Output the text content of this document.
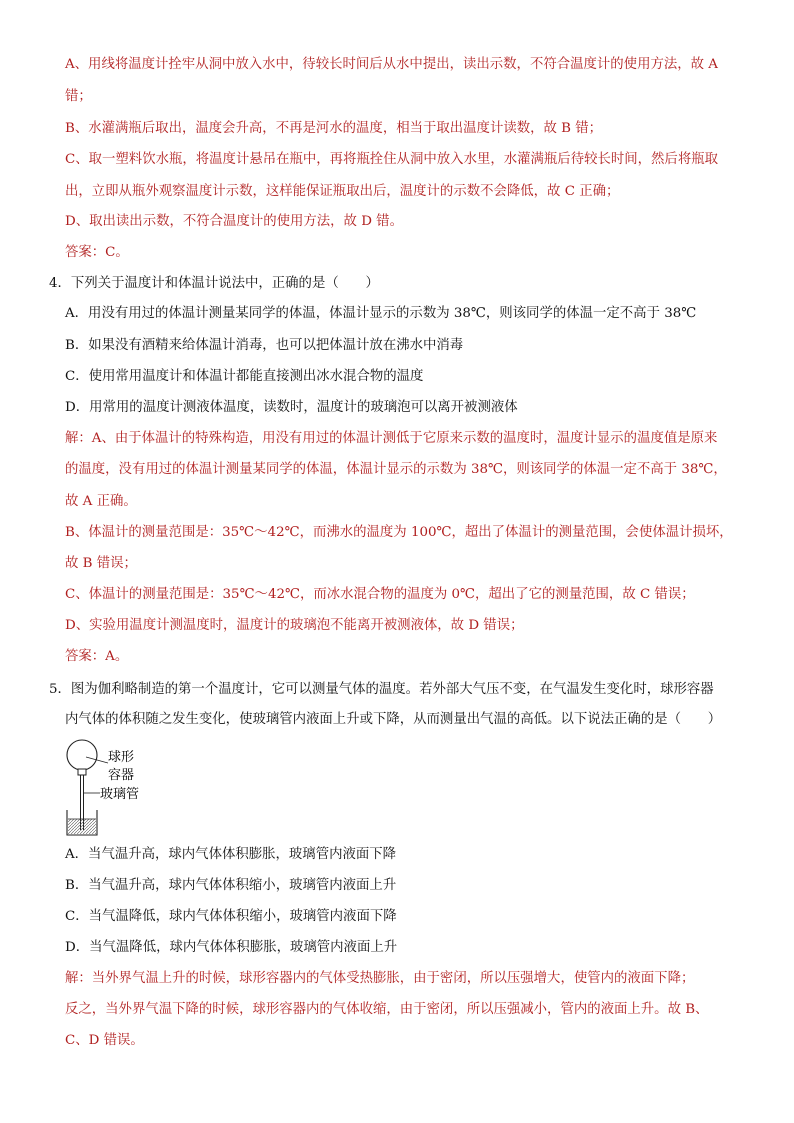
A、用线将温度计拴牢从洞中放入水中，待较长时间后从水中提出，读出示数，不符合温度计的使用方法，故 A
错；
B、水灌满瓶后取出，温度会升高，不再是河水的温度，相当于取出温度计读数，故 B 错；
C、取一塑料饮水瓶，将温度计悬吊在瓶中，再将瓶拴住从洞中放入水里，水灌满瓶后待较长时间，然后将瓶取
出，立即从瓶外观察温度计示数，这样能保证瓶取出后，温度计的示数不会降低，故 C 正确；
D、取出读出示数，不符合温度计的使用方法，故 D 错。
答案：C。
4．下列关于温度计和体温计说法中，正确的是（　　）
A．用没有用过的体温计测量某同学的体温，体温计显示的示数为 38℃，则该同学的体温一定不高于 38℃
B．如果没有酒精来给体温计消毒，也可以把体温计放在沸水中消毒
C．使用常用温度计和体温计都能直接测出冰水混合物的温度
D．用常用的温度计测液体温度，读数时，温度计的玻璃泡可以离开被测液体
解：A、由于体温计的特殊构造，用没有用过的体温计测低于它原来示数的温度时，温度计显示的温度值是原来
的温度，没有用过的体温计测量某同学的体温，体温计显示的示数为 38℃，则该同学的体温一定不高于 38℃，
故 A 正确。
B、体温计的测量范围是：35℃～42℃，而沸水的温度为 100℃，超出了体温计的测量范围，会使体温计损坏，
故 B 错误；
C、体温计的测量范围是：35℃～42℃，而冰水混合物的温度为 0℃，超出了它的测量范围，故 C 错误；
D、实验用温度计测温度时，温度计的玻璃泡不能离开被测液体，故 D 错误；
答案：A。
5．图为伽利略制造的第一个温度计，它可以测量气体的温度。若外部大气压不变，在气温发生变化时，球形容器
内气体的体积随之发生变化，使玻璃管内液面上升或下降，从而测量出气温的高低。以下说法正确的是（　　）
球形
容器
玻璃管
A．当气温升高，球内气体体积膨胀，玻璃管内液面下降
B．当气温升高，球内气体体积缩小，玻璃管内液面上升
C．当气温降低，球内气体体积缩小，玻璃管内液面下降
D．当气温降低，球内气体体积膨胀，玻璃管内液面上升
解：当外界气温上升的时候，球形容器内的气体受热膨胀，由于密闭，所以压强增大，使管内的液面下降；
反之，当外界气温下降的时候，球形容器内的气体收缩，由于密闭，所以压强减小，管内的液面上升。故 B、
C、D 错误。
